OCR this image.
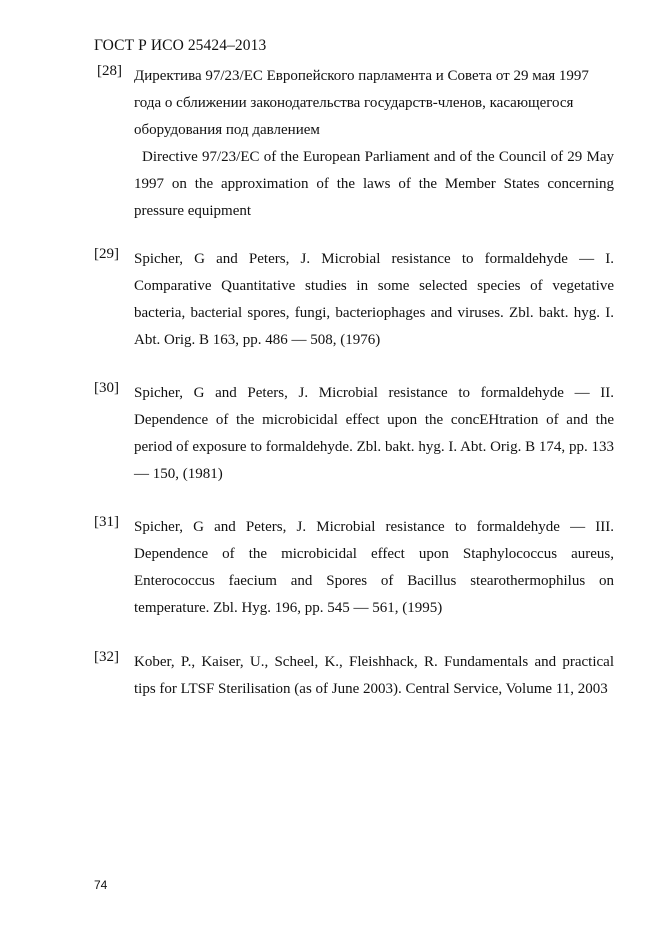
ГОСТ Р ИСО 25424–2013
[28] Директива 97/23/ЕС Европейского парламента и Совета от 29 мая 1997 года о сближении законодательства государств-членов, касающегося оборудования под давлением

Directive 97/23/EC of the European Parliament and of the Council of 29 May 1997 on the approximation of the laws of the Member States concerning pressure equipment

[29]	Spicher, G and Peters, J. Microbial resistance to formaldehyde — I. Comparative Quantitative studies in some selected species of vegetative bacteria, bacterial spores, fungi, bacteriophages and viruses. Zbl. bakt. hyg. I. Abt. Orig. B 163, pp. 486 — 508, (1976)

[30]	Spicher, G and Peters, J. Microbial resistance to formaldehyde — II. Dependence of the microbicidal effect upon the concEHtration of and the period of exposure to formaldehyde. Zbl. bakt. hyg. I. Abt. Orig. B 174, pp. 133 — 150, (1981)

[31]	Spicher, G and Peters, J. Microbial resistance to formaldehyde — III. Dependence of the microbicidal effect upon Staphylococcus aureus, Enterococcus faecium and Spores of Bacillus stearothermophilus on temperature. Zbl. Hyg. 196, pp. 545 — 561, (1995)

[32]	Kober, P., Kaiser, U., Scheel, K., Fleishhack, R. Fundamentals and practical tips for LTSF Sterilisation (as of June 2003). Central Service, Volume 11, 2003

74
